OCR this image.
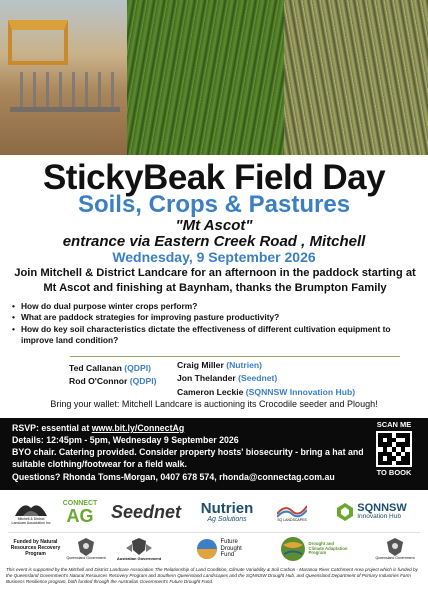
StickyBeak Field Day
Soils, Crops & Pastures
"Mt Ascot"
entrance via Eastern Creek Road , Mitchell
Wednesday, 9 September 2026
Join Mitchell & District Landcare for an afternoon in the paddock starting at Mt Ascot and finishing at Baynham, thanks the Brumpton Family
• How do dual purpose winter crops perform?
• What are paddock strategies for improving pasture productivity?
• How do key soil characteristics dictate the effectiveness of different cultivation equipment to improve land condition?
Ted Callanan (QDPI)
Rod O'Connor (QDPI)
Craig Miller (Nutrien)
Jon Thelander (Seednet)
Cameron Leckie (SQNNSW Innovation Hub)
Bring your wallet: Mitchell Landcare is auctioning its Crocodile seeder and Plough!
RSVP: essential at www.bit.ly/ConnectAg
Details: 12:45pm - 5pm, Wednesday 9 September 2026
BYO chair. Catering provided. Consider property hosts' biosecurity - bring a hat and suitable clothing/footwear for a field walk.
Questions? Rhonda Toms-Morgan, 0407 678 574, rhonda@connectag.com.au
SCAN ME
TO BOOK
Mitchell & District Landcare Association Inc
CONNECT
AG Seednet	Nutrien
Ag Solutions	SQ LANDSCAPES
SQNNSW
Innovation Hub
Funded by Natural Resources Recovery Program
Queensland Government	Australian Government
Future Drought Fund
Drought and Climate Adaptation Program
Queensland Government
This event is supported by the Mitchell and District Landcare Association The Relationship of Land Condition, Climate Variability & Soil Carbon - Maranoa River Catchment Area project which is funded by the Queensland Government's Natural Resources Recovery Program and Southern Queensland Landscapes and the SQNNSW Drought Hub, and Queensland Department of Primary Industries Farm Business Resilience program, both funded through the Australian Government's Future Drought Fund.
